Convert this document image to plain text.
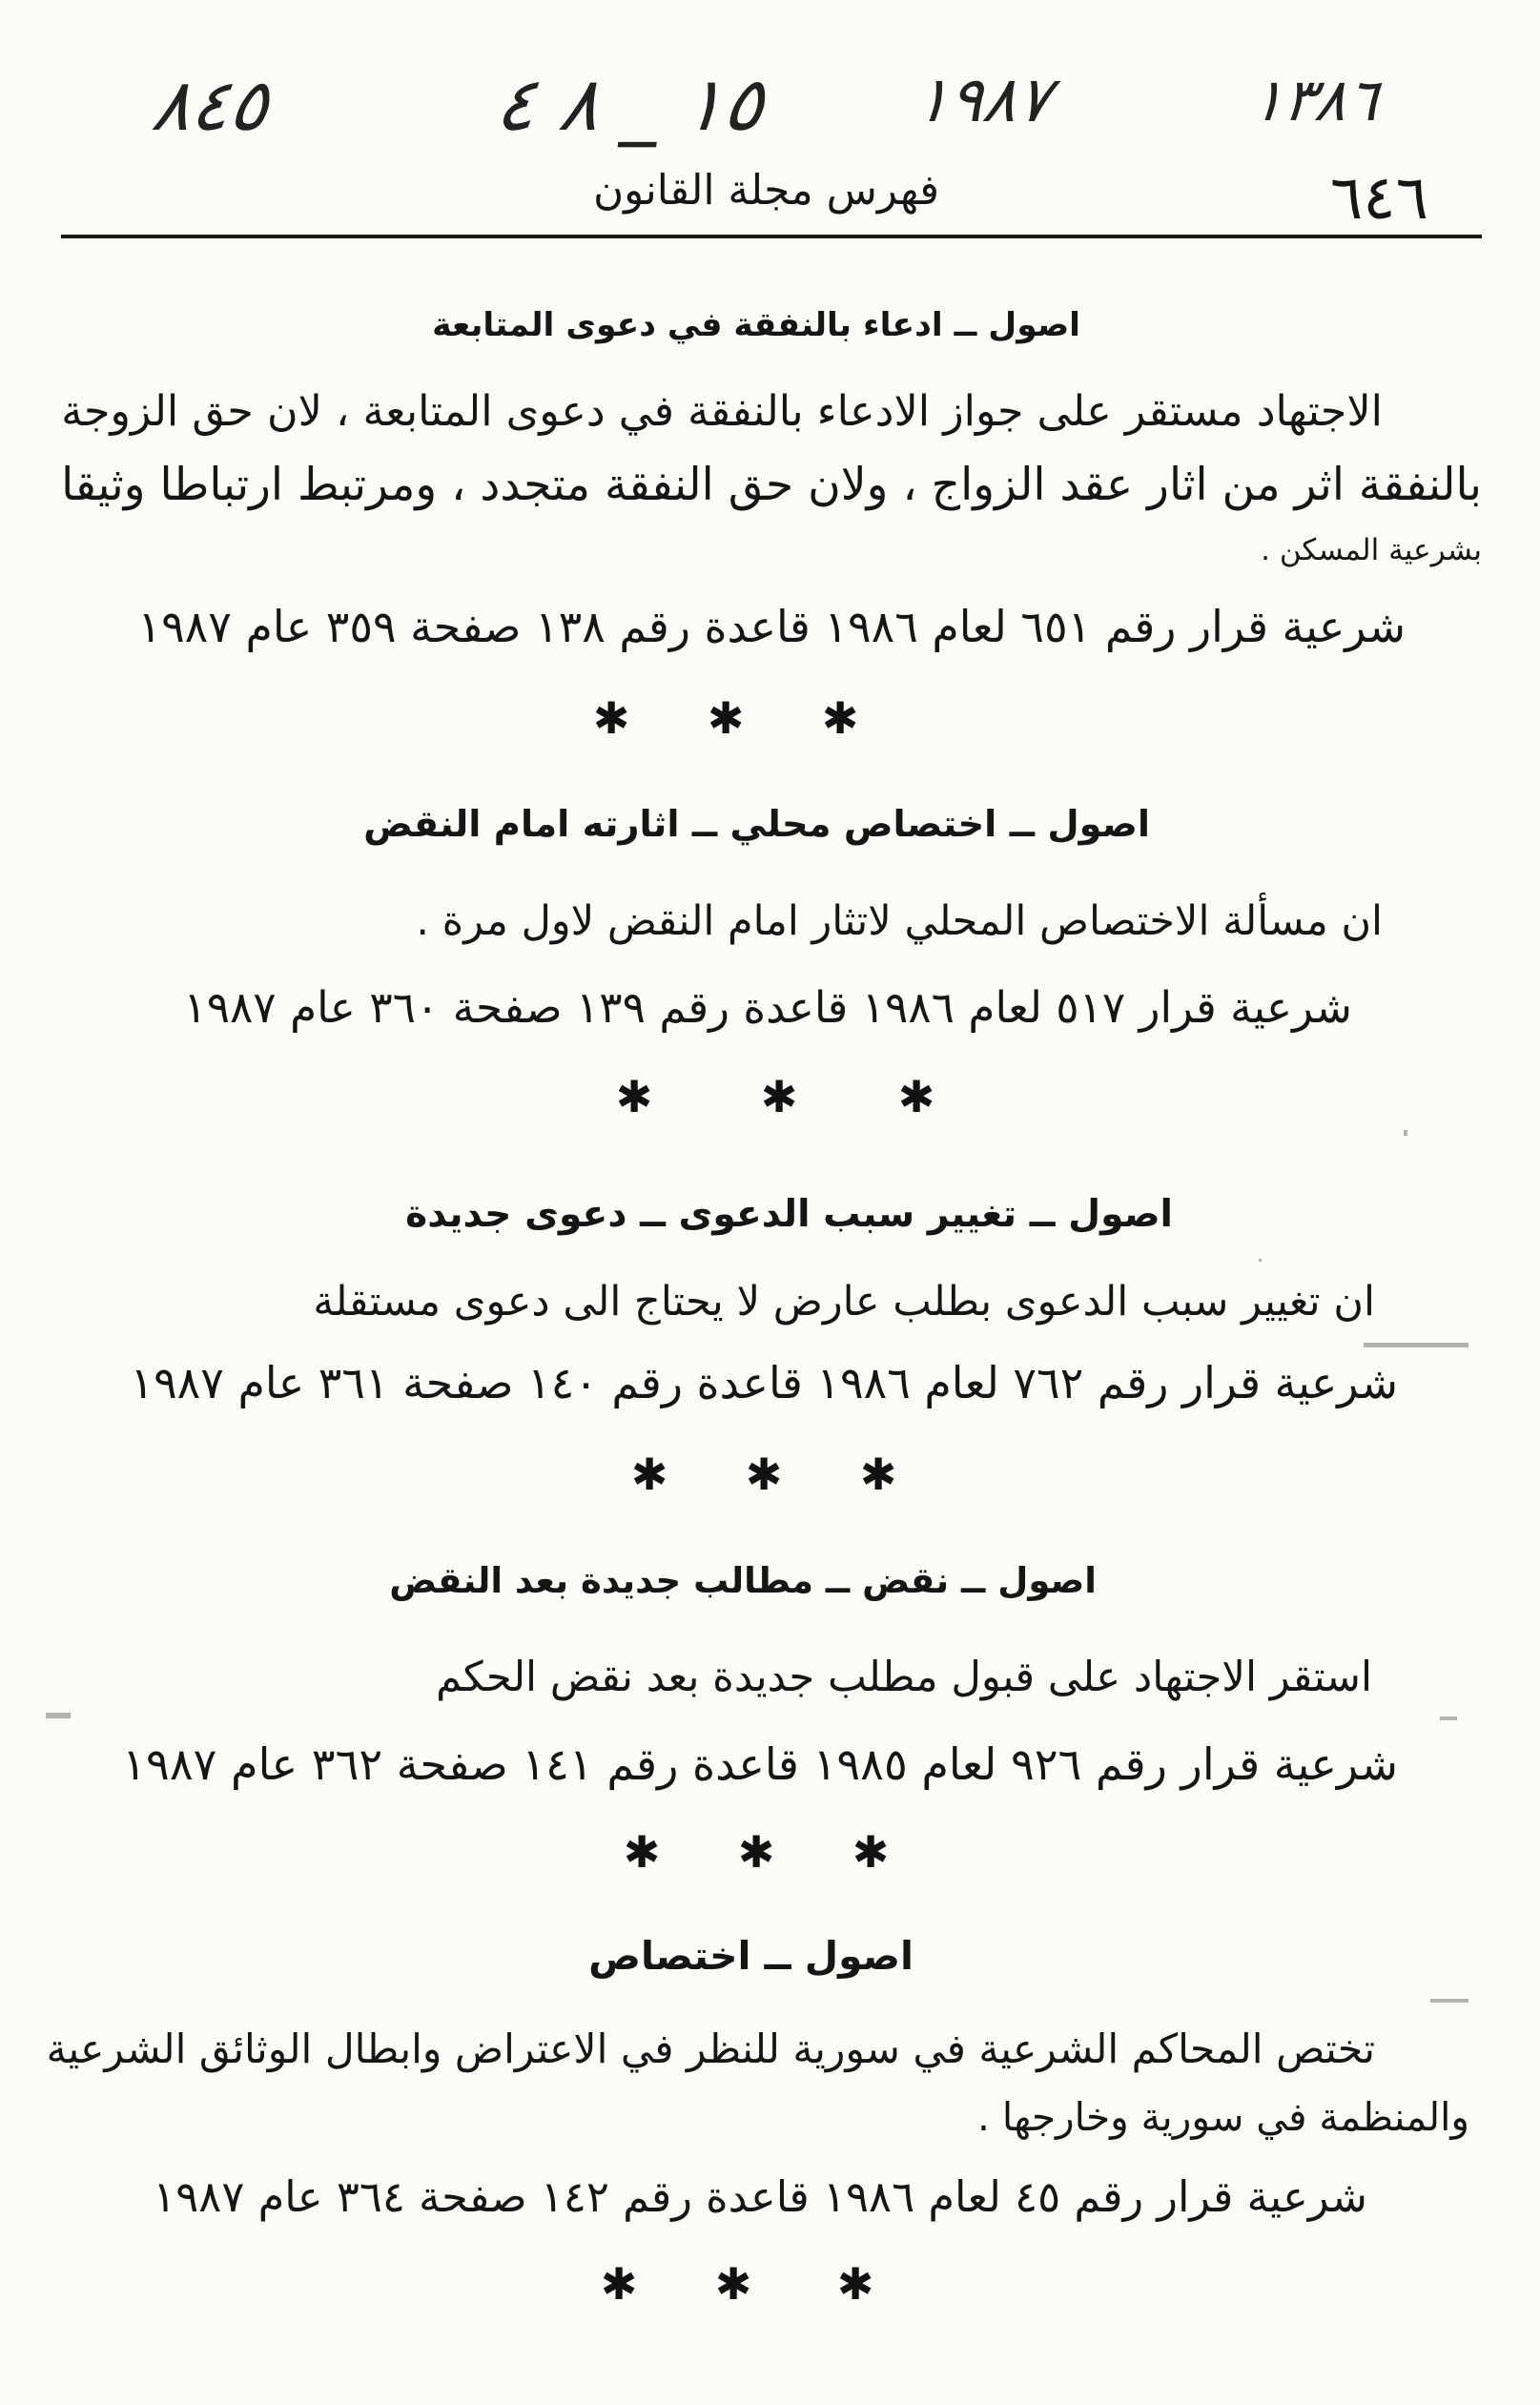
٨٤٥	١٥ _ ٨ ٤ ١٩٨٧	١٣٨٦
فهرس مجلة القانون	٦٤٦
اصول ــ ادعاء بالنفقة في دعوى المتابعة
الاجتهاد مستقر على جواز الادعاء بالنفقة في دعوى المتابعة ، لان حق الزوجة
بالنفقة اثر من اثار عقد الزواج ، ولان حق النفقة متجدد ، ومرتبط ارتباطا وثيقا
بشرعية المسكن .
شرعية قرار رقم ٦٥١ لعام ١٩٨٦ قاعدة رقم ١٣٨ صفحة ٣٥٩ عام ١٩٨٧
✱ ✱ ✱
اصول ــ اختصاص محلي ــ اثارته امام النقض
ان مسألة الاختصاص المحلي لاتثار امام النقض لاول مرة .
شرعية قرار ٥١٧ لعام ١٩٨٦ قاعدة رقم ١٣٩ صفحة ٣٦٠ عام ١٩٨٧
✱ ✱ ✱
اصول ــ تغيير سبب الدعوى ــ دعوى جديدة
ان تغيير سبب الدعوى بطلب عارض لا يحتاج الى دعوى مستقلة
شرعية قرار رقم ٧٦٢ لعام ١٩٨٦ قاعدة رقم ١٤٠ صفحة ٣٦١ عام ١٩٨٧
✱ ✱ ✱
اصول ــ نقض ــ مطالب جديدة بعد النقض
استقر الاجتهاد على قبول مطلب جديدة بعد نقض الحكم
شرعية قرار رقم ٩٢٦ لعام ١٩٨٥ قاعدة رقم ١٤١ صفحة ٣٦٢ عام ١٩٨٧
✱ ✱ ✱
اصول ــ اختصاص
تختص المحاكم الشرعية في سورية للنظر في الاعتراض وابطال الوثائق الشرعية
والمنظمة في سورية وخارجها .
شرعية قرار رقم ٤٥ لعام ١٩٨٦ قاعدة رقم ١٤٢ صفحة ٣٦٤ عام ١٩٨٧
✱ ✱ ✱
